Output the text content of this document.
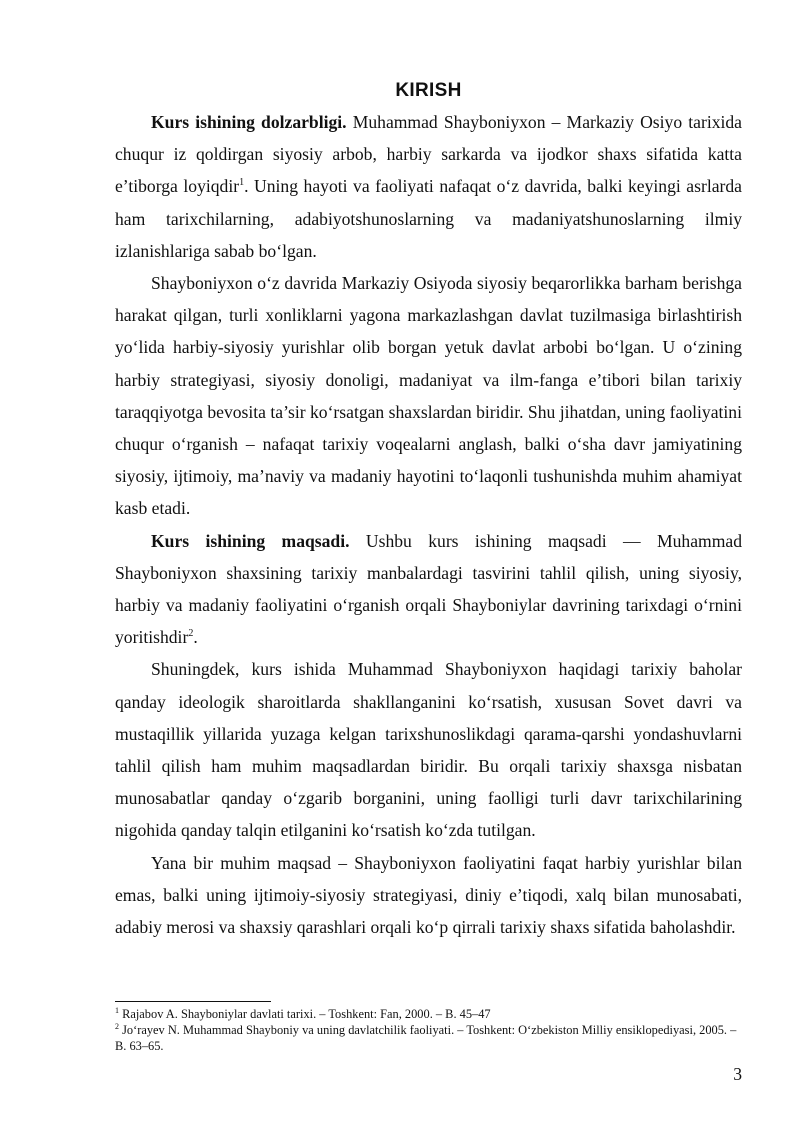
KIRISH

Kurs ishining dolzarbligi. Muhammad Shayboniyxon – Markaziy Osiyo tarixida chuqur iz qoldirgan siyosiy arbob, harbiy sarkarda va ijodkor shaxs sifatida katta e’tiborga loyiqdir$^1$. Uning hayoti va faoliyati nafaqat o‘z davrida, balki keyingi asrlarda ham tarixchilarning, adabiyotshunoslarning va madaniyatshunoslarning ilmiy izlanishlariga sabab bo‘lgan.

Shayboniyxon o‘z davrida Markaziy Osiyoda siyosiy beqarorlikka barham berishga harakat qilgan, turli xonliklarni yagona markazlashgan davlat tuzilmasiga birlashtirish yo‘lida harbiy-siyosiy yurishlar olib borgan yetuk davlat arbobi bo‘lgan. U o‘zining harbiy strategiyasi, siyosiy donoligi, madaniyat va ilm-fanga e’tibori bilan tarixiy taraqqiyotga bevosita ta’sir ko‘rsatgan shaxslardan biridir. Shu jihatdan, uning faoliyatini chuqur o‘rganish – nafaqat tarixiy voqealarni anglash, balki o‘sha davr jamiyatining siyosiy, ijtimoiy, ma’naviy va madaniy hayotini to‘laqonli tushunishda muhim ahamiyat kasb etadi.

Kurs ishining maqsadi. Ushbu kurs ishining maqsadi — Muhammad Shayboniyxon shaxsining tarixiy manbalardagi tasvirini tahlil qilish, uning siyosiy, harbiy va madaniy faoliyatini o‘rganish orqali Shayboniylar davrining tarixdagi o‘rnini yoritishdir$^2$.

Shuningdek, kurs ishida Muhammad Shayboniyxon haqidagi tarixiy baholar qanday ideologik sharoitlarda shakllanganini ko‘rsatish, xususan Sovet davri va mustaqillik yillarida yuzaga kelgan tarixshunoslikdagi qarama-qarshi yondashuvlarni tahlil qilish ham muhim maqsadlardan biridir. Bu orqali tarixiy shaxsga nisbatan munosabatlar qanday o‘zgarib borganini, uning faolligi turli davr tarixchilarining nigohida qanday talqin etilganini ko‘rsatish ko‘zda tutilgan.

Yana bir muhim maqsad – Shayboniyxon faoliyatini faqat harbiy yurishlar bilan emas, balki uning ijtimoiy-siyosiy strategiyasi, diniy e’tiqodi, xalq bilan munosabati, adabiy merosi va shaxsiy qarashlari orqali ko‘p qirrali tarixiy shaxs sifatida baholashdir.

$^1$ Rajabov A. Shayboniylar davlati tarixi. – Toshkent: Fan, 2000. – B. 45–47

$^2$ Jo‘rayev N. Muhammad Shayboniy va uning davlatchilik faoliyati. – Toshkent: O‘zbekiston Milliy ensiklopediyasi, 2005. – B. 63–65.

3
